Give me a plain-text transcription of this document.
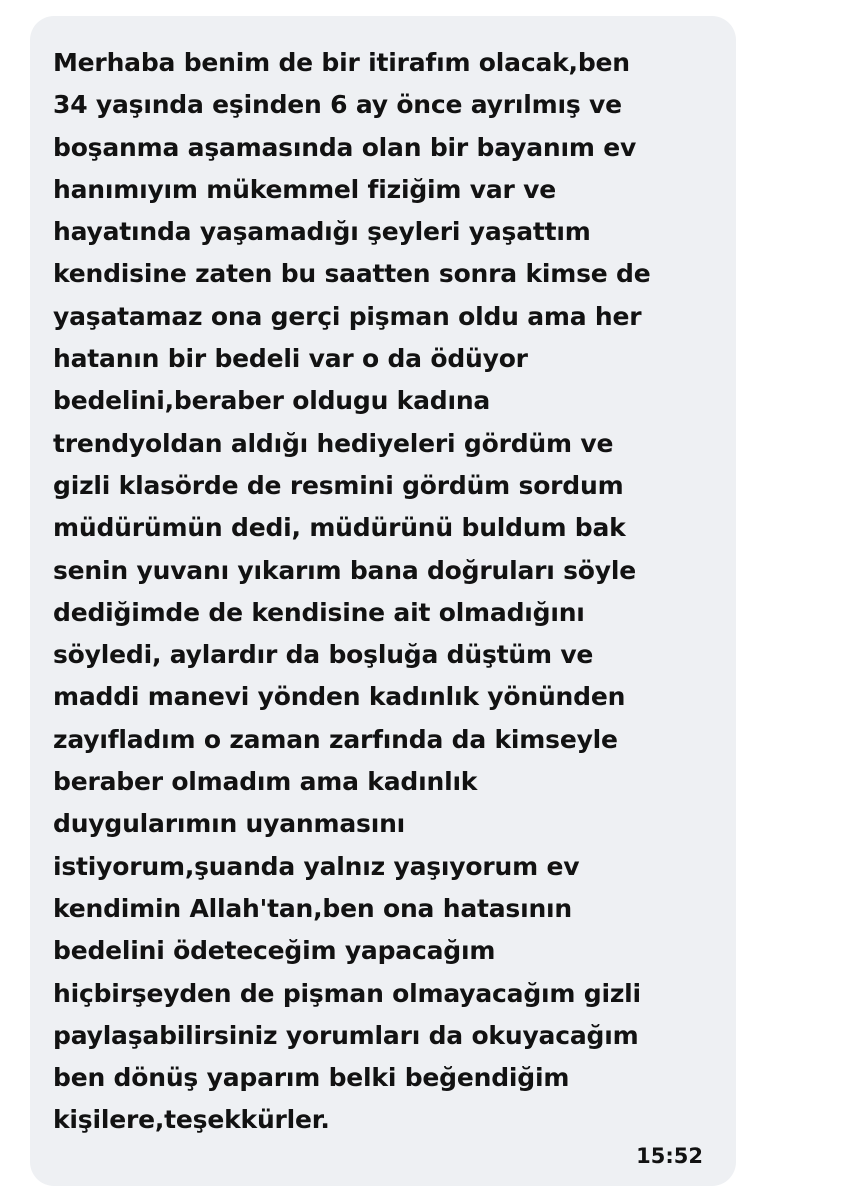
Merhaba benim de bir itirafım olacak,ben
34 yaşında eşinden 6 ay önce ayrılmış ve
boşanma aşamasında olan bir bayanım ev
hanımıyım mükemmel fiziğim var ve
hayatında yaşamadığı şeyleri yaşattım
kendisine zaten bu saatten sonra kimse de
yaşatamaz ona gerçi pişman oldu ama her
hatanın bir bedeli var o da ödüyor
bedelini,beraber oldugu kadına
trendyoldan aldığı hediyeleri gördüm ve
gizli klasörde de resmini gördüm sordum
müdürümün dedi, müdürünü buldum bak
senin yuvanı yıkarım bana doğruları söyle
dediğimde de kendisine ait olmadığını
söyledi, aylardır da boşluğa düştüm ve
maddi manevi yönden kadınlık yönünden
zayıfladım o zaman zarfında da kimseyle
beraber olmadım ama kadınlık
duygularımın uyanmasını
istiyorum,şuanda yalnız yaşıyorum ev
kendimin Allah'tan,ben ona hatasının
bedelini ödeteceğim yapacağım
hiçbirşeyden de pişman olmayacağım gizli
paylaşabilirsiniz yorumları da okuyacağım
ben dönüş yaparım belki beğendiğim
kişilere,teşekkürler.

15:52
